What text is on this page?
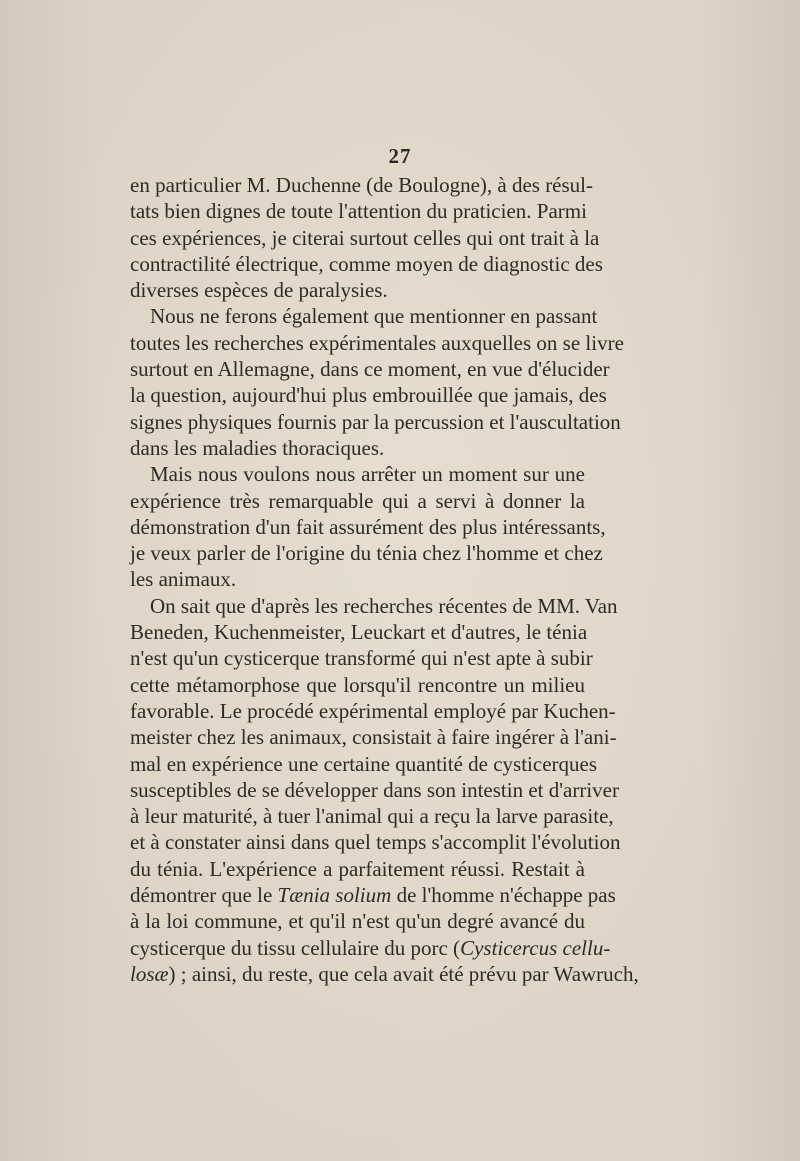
27
en particulier M. Duchenne (de Boulogne), à des résul-
tats bien dignes de toute l'attention du praticien. Parmi
ces expériences, je citerai surtout celles qui ont trait à la
contractilité électrique, comme moyen de diagnostic des
diverses espèces de paralysies.
Nous ne ferons également que mentionner en passant
toutes les recherches expérimentales auxquelles on se livre
surtout en Allemagne, dans ce moment, en vue d'élucider
la question, aujourd'hui plus embrouillée que jamais, des
signes physiques fournis par la percussion et l'auscultation
dans les maladies thoraciques.
Mais nous voulons nous arrêter un moment sur une
expérience très remarquable qui a servi à donner la
démonstration d'un fait assurément des plus intéressants,
je veux parler de l'origine du ténia chez l'homme et chez
les animaux.
On sait que d'après les recherches récentes de MM. Van
Beneden, Kuchenmeister, Leuckart et d'autres, le ténia
n'est qu'un cysticerque transformé qui n'est apte à subir
cette métamorphose que lorsqu'il rencontre un milieu
favorable. Le procédé expérimental employé par Kuchen-
meister chez les animaux, consistait à faire ingérer à l'ani-
mal en expérience une certaine quantité de cysticerques
susceptibles de se développer dans son intestin et d'arriver
à leur maturité, à tuer l'animal qui a reçu la larve parasite,
et à constater ainsi dans quel temps s'accomplit l'évolution
du ténia. L'expérience a parfaitement réussi. Restait à
démontrer que le Tænia solium de l'homme n'échappe pas
à la loi commune, et qu'il n'est qu'un degré avancé du
cysticerque du tissu cellulaire du porc (Cysticercus cellu-
losæ) ; ainsi, du reste, que cela avait été prévu par Wawruch,
